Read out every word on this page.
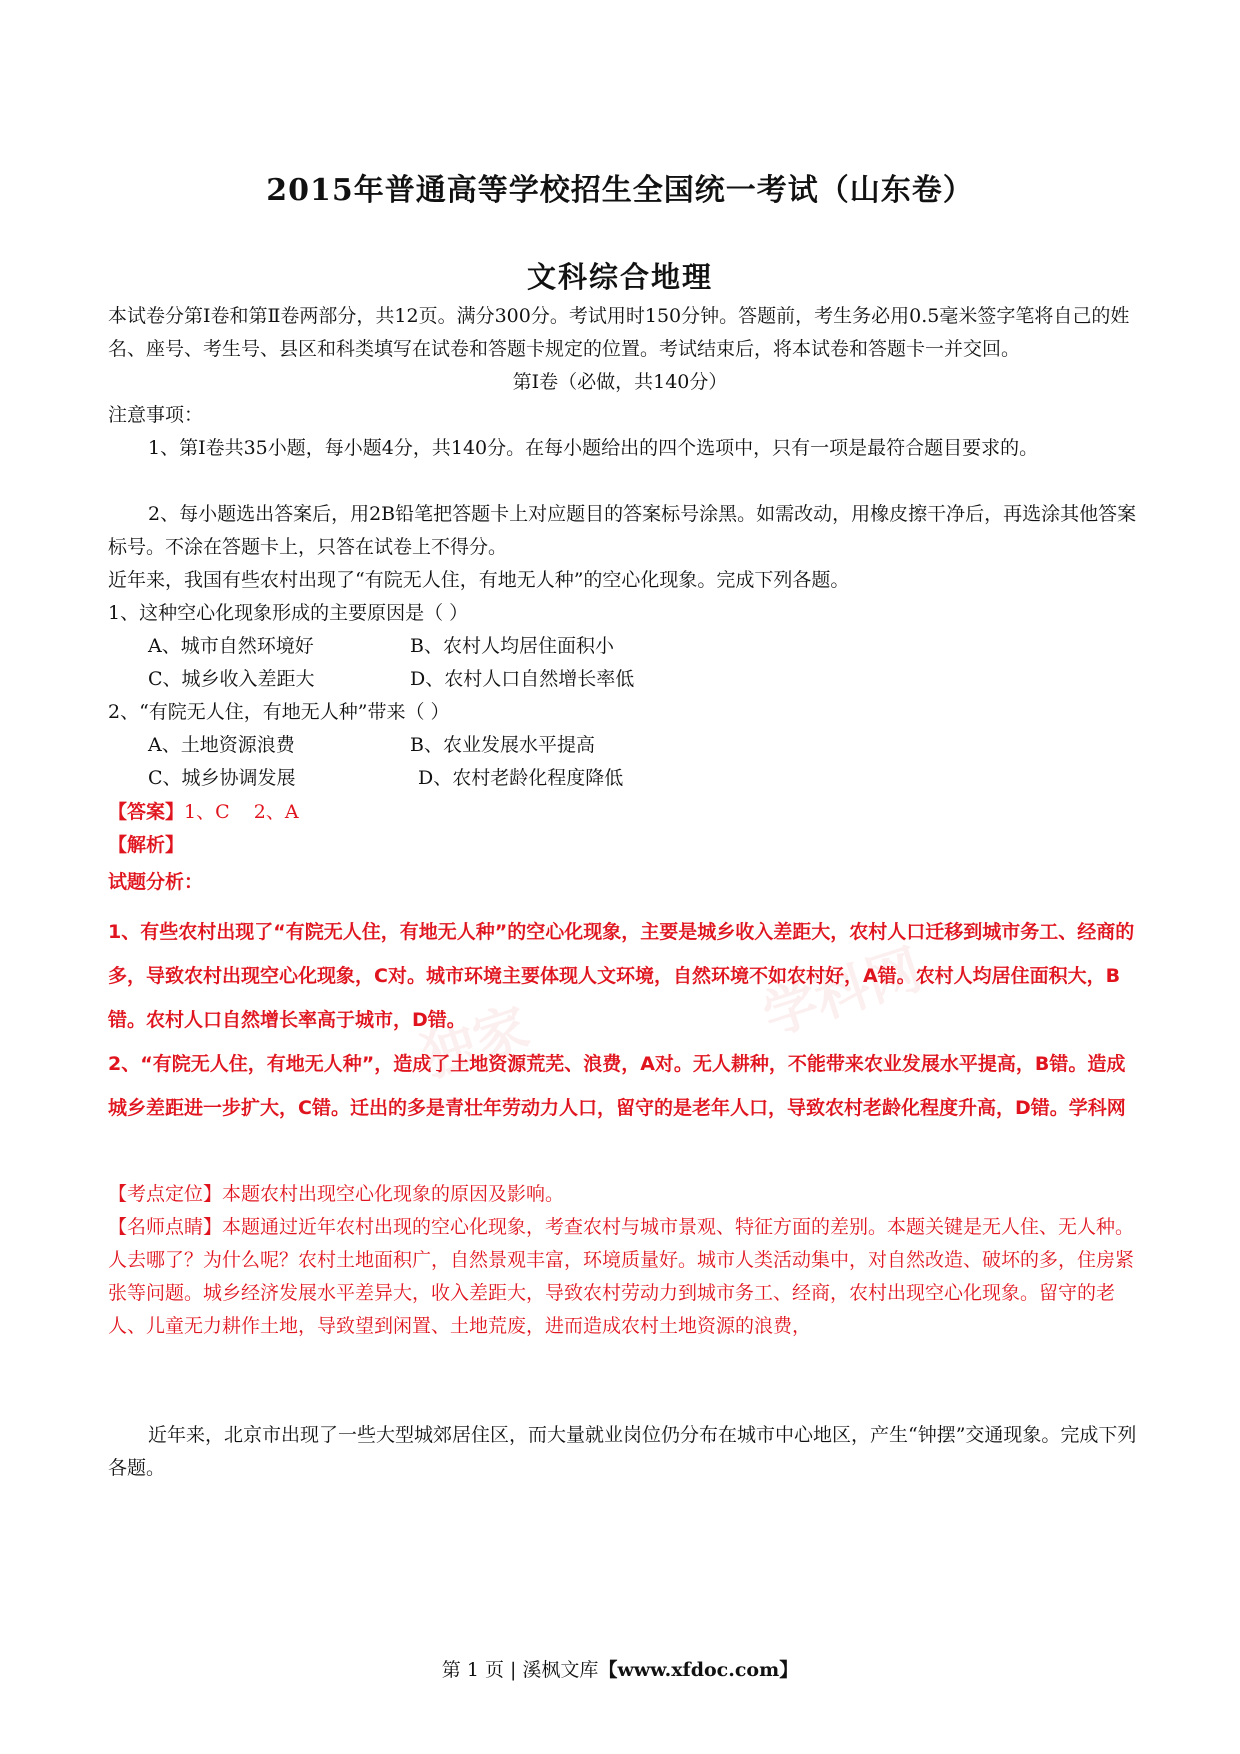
学科网
独家
2015年普通高等学校招生全国统一考试（山东卷）
文科综合地理
本试卷分第Ⅰ卷和第Ⅱ卷两部分，共12页。满分300分。考试用时150分钟。答题前，考生务必用0.5毫米签字笔将自己的姓名、座号、考生号、县区和科类填写在试卷和答题卡规定的位置。考试结束后，将本试卷和答题卡一并交回。
第Ⅰ卷（必做，共140分）
注意事项：
1、第Ⅰ卷共35小题，每小题4分，共140分。在每小题给出的四个选项中，只有一项是最符合题目要求的。
2、每小题选出答案后，用2B铅笔把答题卡上对应题目的答案标号涂黑。如需改动，用橡皮擦干净后，再选涂其他答案标号。不涂在答题卡上，只答在试卷上不得分。
近年来，我国有些农村出现了“有院无人住，有地无人种”的空心化现象。完成下列各题。
1、这种空心化现象形成的主要原因是（ ）
A、城市自然环境好	B、农村人均居住面积小
C、城乡收入差距大	D、农村人口自然增长率低
2、“有院无人住，有地无人种”带来（ ）
A、土地资源浪费	B、农业发展水平提高
C、城乡协调发展	D、农村老龄化程度降低
【答案】1、C    2、A
【解析】
试题分析：
1、有些农村出现了“有院无人住，有地无人种”的空心化现象，主要是城乡收入差距大，农村人口迁移到城市务工、经商的多，导致农村出现空心化现象，C对。城市环境主要体现人文环境，自然环境不如农村好，A错。农村人均居住面积大，B错。农村人口自然增长率高于城市，D错。
2、“有院无人住，有地无人种”，造成了土地资源荒芜、浪费，A对。无人耕种，不能带来农业发展水平提高，B错。造成城乡差距进一步扩大，C错。迁出的多是青壮年劳动力人口，留守的是老年人口，导致农村老龄化程度升高，D错。学科网
【考点定位】本题农村出现空心化现象的原因及影响。
【名师点睛】本题通过近年农村出现的空心化现象，考查农村与城市景观、特征方面的差别。本题关键是无人住、无人种。人去哪了？为什么呢？农村土地面积广，自然景观丰富，环境质量好。城市人类活动集中，对自然改造、破坏的多，住房紧张等问题。城乡经济发展水平差异大，收入差距大，导致农村劳动力到城市务工、经商，农村出现空心化现象。留守的老人、儿童无力耕作土地，导致望到闲置、土地荒废，进而造成农村土地资源的浪费，
近年来，北京市出现了一些大型城郊居住区，而大量就业岗位仍分布在城市中心地区，产生“钟摆”交通现象。完成下列各题。
第 1 页 | 溪枫文库【www.xfdoc.com】
